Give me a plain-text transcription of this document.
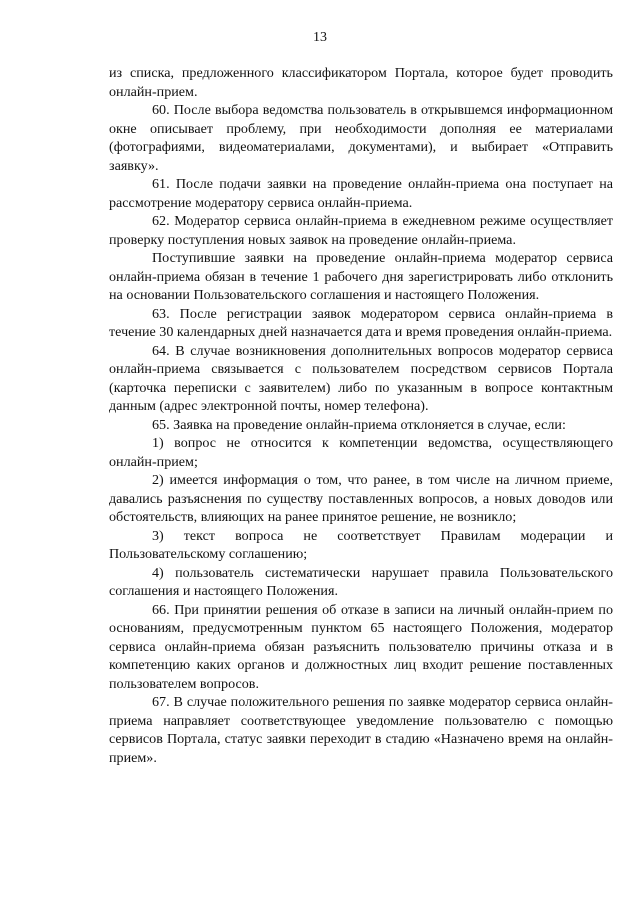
13

из списка, предложенного классификатором Портала, которое будет проводить онлайн-прием.

60. После выбора ведомства пользователь в открывшемся информационном окне описывает проблему, при необходимости дополняя ее материалами (фотографиями, видеоматериалами, документами), и выбирает «Отправить заявку».

61. После подачи заявки на проведение онлайн-приема она поступает на рассмотрение модератору сервиса онлайн-приема.

62. Модератор сервиса онлайн-приема в ежедневном режиме осуществляет проверку поступления новых заявок на проведение онлайн-приема.

Поступившие заявки на проведение онлайн-приема модератор сервиса онлайн-приема обязан в течение 1 рабочего дня зарегистрировать либо отклонить на основании Пользовательского соглашения и настоящего Положения.

63. После регистрации заявок модератором сервиса онлайн-приема в течение 30 календарных дней назначается дата и время проведения онлайн-приема.

64. В случае возникновения дополнительных вопросов модератор сервиса онлайн-приема связывается с пользователем посредством сервисов Портала (карточка переписки с заявителем) либо по указанным в вопросе контактным данным (адрес электронной почты, номер телефона).

65. Заявка на проведение онлайн-приема отклоняется в случае, если:

1) вопрос не относится к компетенции ведомства, осуществляющего онлайн-прием;

2) имеется информация о том, что ранее, в том числе на личном приеме, давались разъяснения по существу поставленных вопросов, а новых доводов или обстоятельств, влияющих на ранее принятое решение, не возникло;

3) текст вопроса не соответствует Правилам модерации и Пользовательскому соглашению;

4) пользователь систематически нарушает правила Пользовательского соглашения и настоящего Положения.

66. При принятии решения об отказе в записи на личный онлайн-прием по основаниям, предусмотренным пунктом 65 настоящего Положения, модератор сервиса онлайн-приема обязан разъяснить пользователю причины отказа и в компетенцию каких органов и должностных лиц входит решение поставленных пользователем вопросов.

67. В случае положительного решения по заявке модератор сервиса онлайн-приема направляет соответствующее уведомление пользователю с помощью сервисов Портала, статус заявки переходит в стадию «Назначено время на онлайн-прием».
